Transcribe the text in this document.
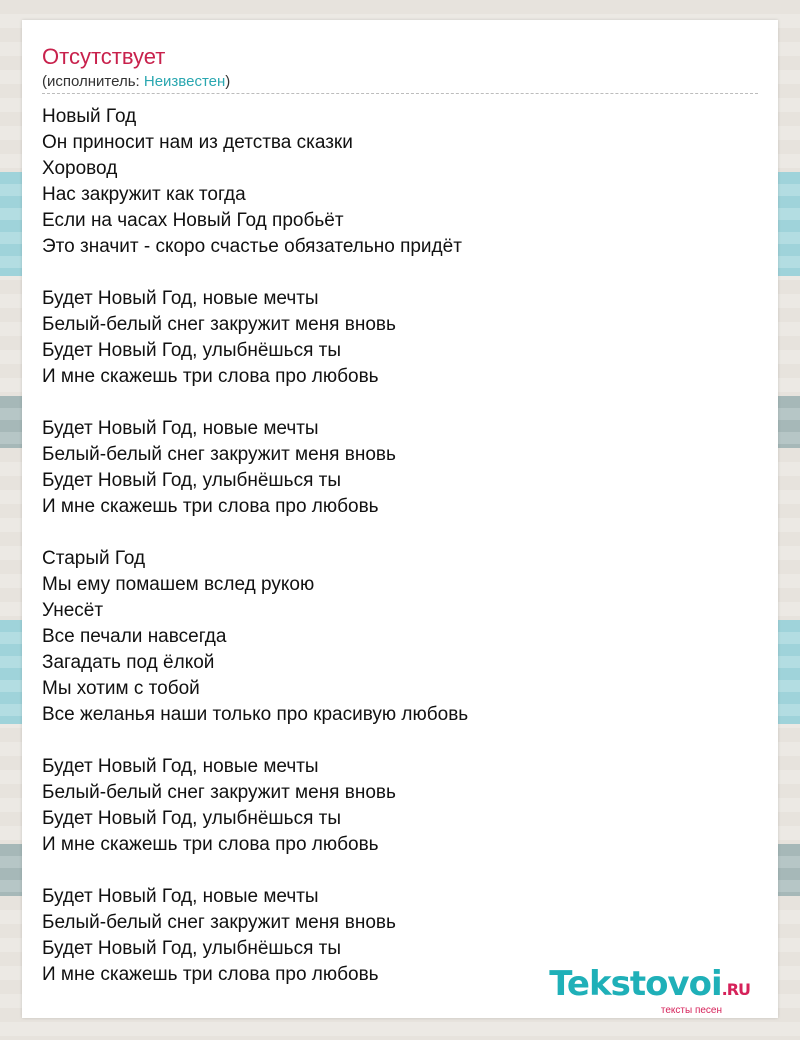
Отсутствует
(исполнитель: Неизвестен)
Новый Год
Он приносит нам из детства сказки
Хоровод
Нас закружит как тогда
Если на часах Новый Год пробьёт
Это значит - скоро счастье обязательно придёт

Будет Новый Год, новые мечты
Белый-белый снег закружит меня вновь
Будет Новый Год, улыбнёшься ты
И мне скажешь три слова про любовь

Будет Новый Год, новые мечты
Белый-белый снег закружит меня вновь
Будет Новый Год, улыбнёшься ты
И мне скажешь три слова про любовь

Старый Год
Мы ему помашем вслед рукою
Унесёт
Все печали навсегда
Загадать под ёлкой
Мы хотим с тобой
Все желанья наши только про красивую любовь

Будет Новый Год, новые мечты
Белый-белый снег закружит меня вновь
Будет Новый Год, улыбнёшься ты
И мне скажешь три слова про любовь

Будет Новый Год, новые мечты
Белый-белый снег закружит меня вновь
Будет Новый Год, улыбнёшься ты
И мне скажешь три слова про любовь	Tekstovoi.RU
тексты песен
